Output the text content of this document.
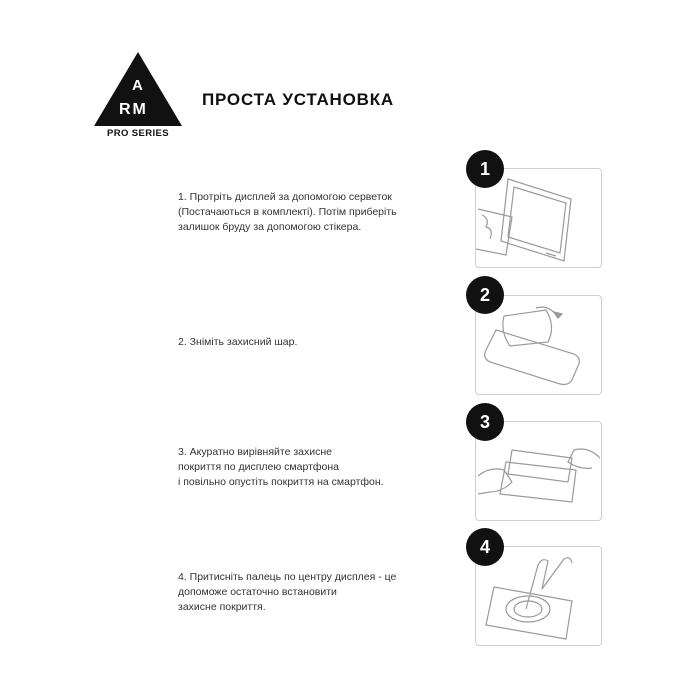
A
RM
PRO SERIES
ПРОСТА УСТАНОВКА
1. Протріть дисплей за допомогою серветок
(Постачаються в комплекті). Потім приберіть
залишок бруду за допомогою стікера.
1
2. Зніміть захисний шар.
2
3. Акуратно вирівняйте захисне
покриття по дисплею смартфона
і повільно опустіть покриття на смартфон.
3
4. Притисніть палець по центру дисплея - це
допоможе остаточно встановити
захисне покриття.
4
